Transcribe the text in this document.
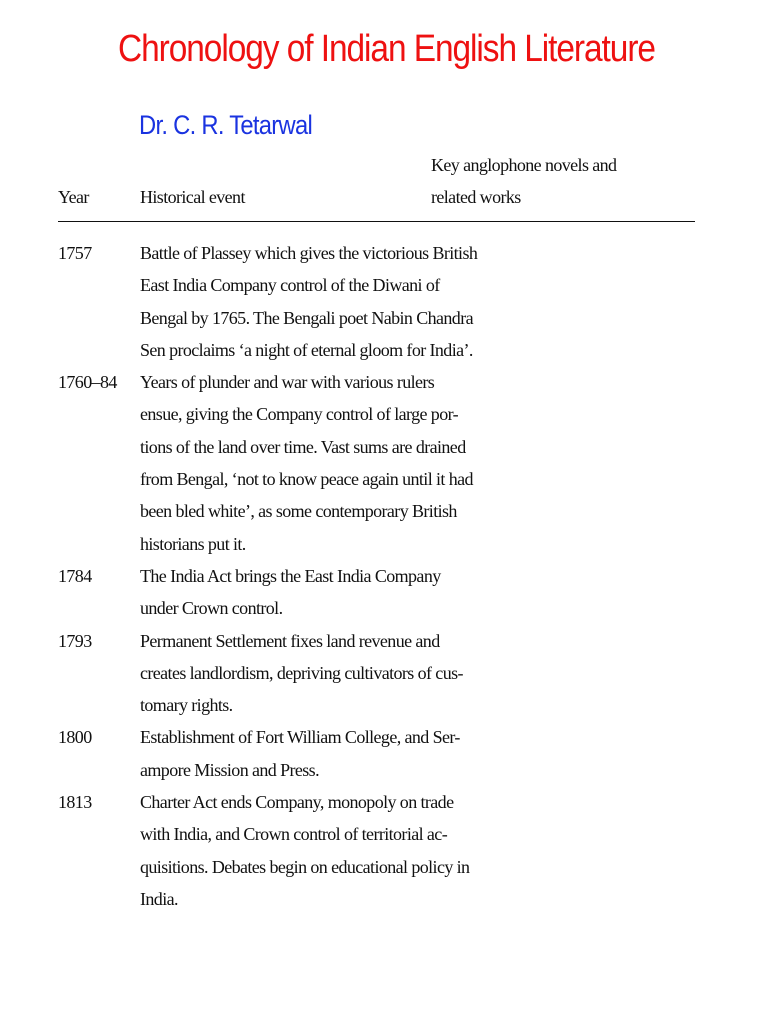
Chronology of Indian English Literature
Dr. C. R. Tetarwal
Year	Historical event
Key anglophone novels and
related works
1757	Battle of Plassey which gives the victorious British
East India Company control of the Diwani of
Bengal by 1765. The Bengali poet Nabin Chandra
Sen proclaims ‘a night of eternal gloom for India’.
1760–84 Years of plunder and war with various rulers
ensue, giving the Company control of large por-
tions of the land over time. Vast sums are drained
from Bengal, ‘not to know peace again until it had
been bled white’, as some contemporary British
historians put it.
1784	The India Act brings the East India Company
under Crown control.
1793	Permanent Settlement fixes land revenue and
creates landlordism, depriving cultivators of cus-
tomary rights.
1800	Establishment of Fort William College, and Ser-
ampore Mission and Press.
1813	Charter Act ends Company, monopoly on trade
with India, and Crown control of territorial ac-
quisitions. Debates begin on educational policy in
India.
